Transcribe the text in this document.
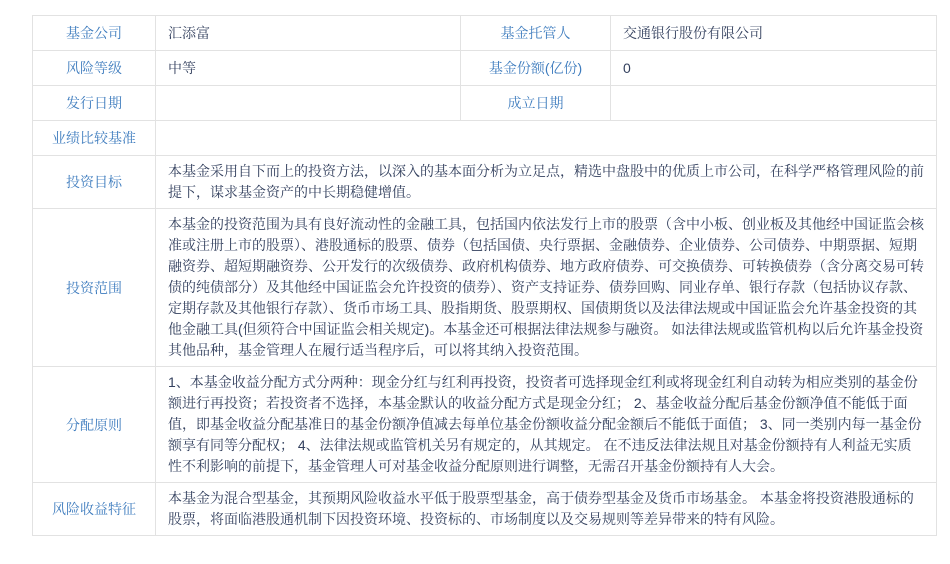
基金公司	汇添富	基金托管人	交通银行股份有限公司
风险等级	中等	基金份额(亿份)	0
发行日期		成立日期	
业绩比较基准			
投资目标	本基金采用自下而上的投资方法，以深入的基本面分析为立足点，精选中盘股中的优质上市公司，在科学严格管理风险的前提下，谋求基金资产的中长期稳健增值。		
投资范围	本基金的投资范围为具有良好流动性的金融工具，包括国内依法发行上市的股票（含中小板、创业板及其他经中国证监会核准或注册上市的股票）、港股通标的股票、债券（包括国债、央行票据、金融债券、企业债券、公司债券、中期票据、短期融资券、超短期融资券、公开发行的次级债券、政府机构债券、地方政府债券、可交换债券、可转换债券（含分离交易可转债的纯债部分）及其他经中国证监会允许投资的债券）、资产支持证券、债券回购、同业存单、银行存款（包括协议存款、定期存款及其他银行存款）、货币市场工具、股指期货、股票期权、国债期货以及法律法规或中国证监会允许基金投资的其他金融工具(但须符合中国证监会相关规定)。本基金还可根据法律法规参与融资。 如法律法规或监管机构以后允许基金投资其他品种，基金管理人在履行适当程序后，可以将其纳入投资范围。		
分配原则	1、本基金收益分配方式分两种：现金分红与红利再投资，投资者可选择现金红利或将现金红利自动转为相应类别的基金份额进行再投资；若投资者不选择，本基金默认的收益分配方式是现金分红； 2、基金收益分配后基金份额净值不能低于面值，即基金收益分配基准日的基金份额净值减去每单位基金份额收益分配金额后不能低于面值； 3、同一类别内每一基金份额享有同等分配权； 4、法律法规或监管机关另有规定的，从其规定。 在不违反法律法规且对基金份额持有人利益无实质性不利影响的前提下，基金管理人可对基金收益分配原则进行调整，无需召开基金份额持有人大会。		
风险收益特征	本基金为混合型基金，其预期风险收益水平低于股票型基金，高于债券型基金及货币市场基金。 本基金将投资港股通标的股票，将面临港股通机制下因投资环境、投资标的、市场制度以及交易规则等差异带来的特有风险。		
